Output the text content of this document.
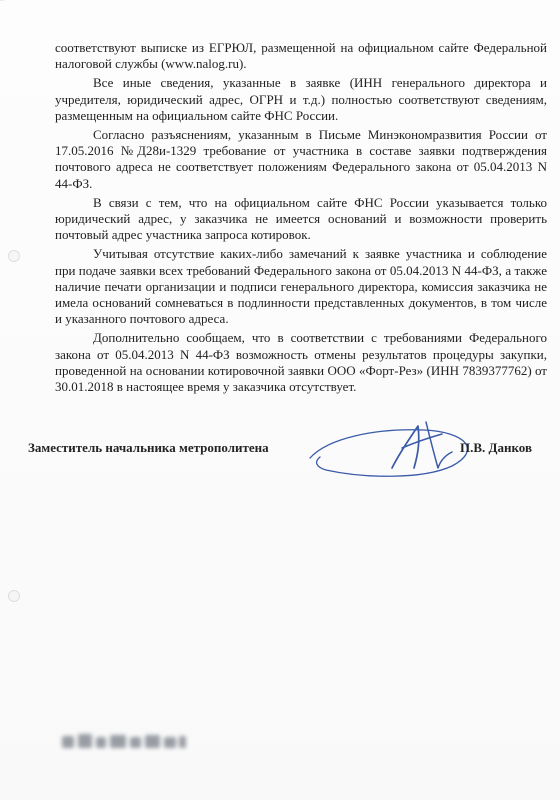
соответствуют выписке из ЕГРЮЛ, размещенной на официальном сайте Федеральной налоговой службы (www.nalog.ru).

Все иные сведения, указанные в заявке (ИНН генерального директора и учредителя, юридический адрес, ОГРН и т.д.) полностью соответствуют сведениям, размещенным на официальном сайте ФНС России.

Согласно разъяснениям, указанным в Письме Минэкономразвития России от 17.05.2016 №Д28и-1329 требование от участника в составе заявки подтверждения почтового адреса не соответствует положениям Федерального закона от 05.04.2013 N 44-ФЗ.

В связи с тем, что на официальном сайте ФНС России указывается только юридический адрес, у заказчика не имеется оснований и возможности проверить почтовый адрес участника запроса котировок.

Учитывая отсутствие каких-либо замечаний к заявке участника и соблюдение при подаче заявки всех требований Федерального закона от 05.04.2013 N 44-ФЗ, а также наличие печати организации и подписи генерального директора, комиссия заказчика не имела оснований сомневаться в подлинности представленных документов, в том числе и указанного почтового адреса.

Дополнительно сообщаем, что в соответствии с требованиями Федерального закона от 05.04.2013 N 44-ФЗ возможность отмены результатов процедуры закупки, проведенной на основании котировочной заявки ООО «Форт-Рез» (ИНН 7839377762) от 30.01.2018 в настоящее время у заказчика отсутствует.

Заместитель начальника метрополитена	П.В. Данков
